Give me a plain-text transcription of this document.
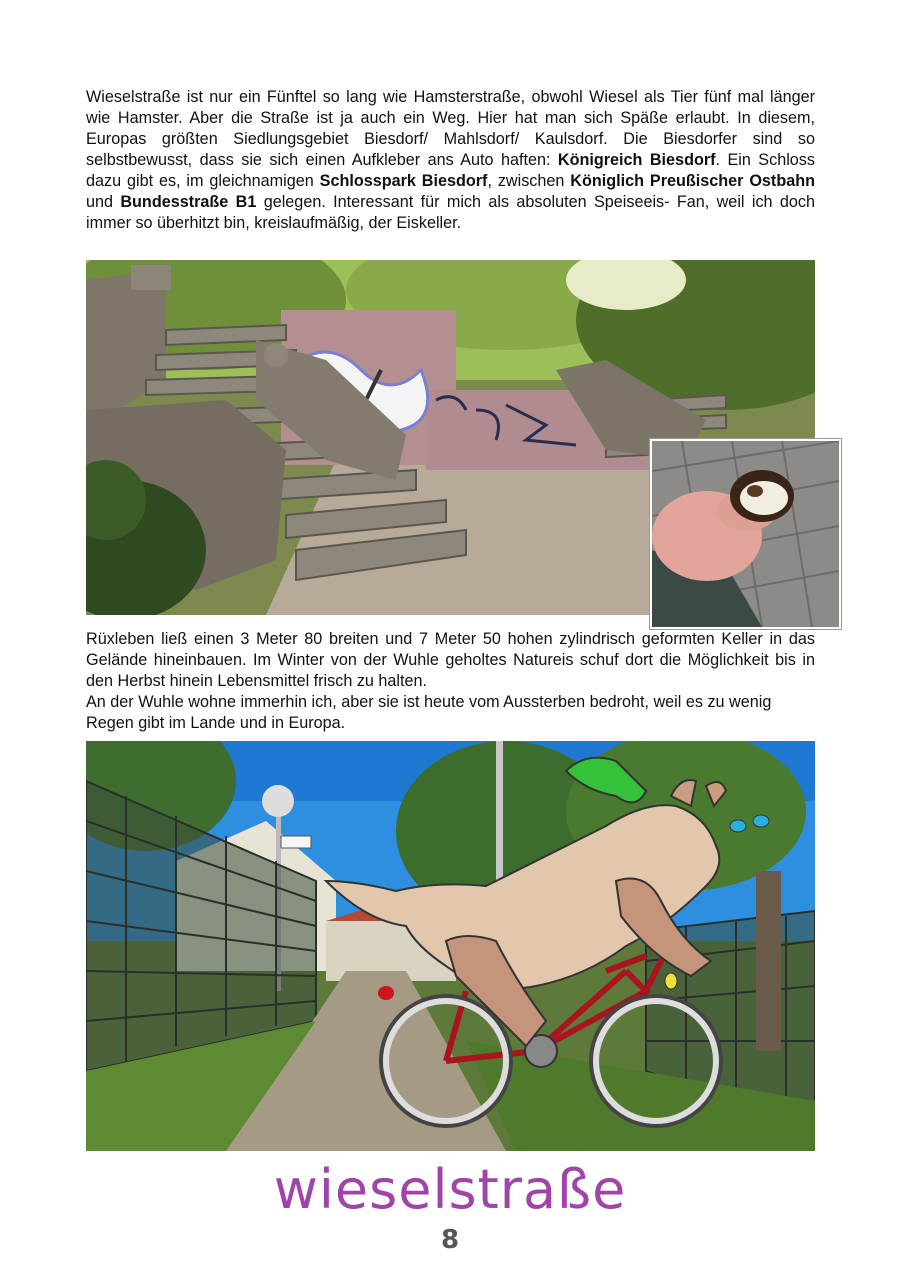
Wieselstraße ist nur ein Fünftel so lang wie Hamsterstraße, obwohl Wiesel als Tier fünf mal länger wie Hamster. Aber die Straße ist ja auch ein Weg. Hier hat man sich Späße erlaubt. In diesem, Europas größten Siedlungsgebiet Biesdorf/ Mahlsdorf/ Kaulsdorf. Die Biesdorfer sind so selbstbewusst, dass sie sich einen Aufkleber ans Auto haften: Königreich Biesdorf. Ein Schloss dazu gibt es, im gleichnamigen Schlosspark Biesdorf, zwischen Königlich Preußischer Ostbahn und Bundesstraße B1 gelegen. Interessant für mich als absoluten Speiseeis- Fan, weil ich doch immer so überhitzt bin, kreislaufmäßig, der Eiskeller.
Rüxleben ließ einen 3 Meter 80 breiten und 7 Meter 50 hohen zylindrisch geformten Keller in das Gelände hineinbauen. Im Winter von der Wuhle geholtes Natureis schuf dort die Möglichkeit bis in den Herbst hinein Lebensmittel frisch zu halten.
An der Wuhle wohne immerhin ich, aber sie ist heute vom Aussterben bedroht, weil es zu wenig Regen gibt im Lande und in Europa.
wieselstraße
8
